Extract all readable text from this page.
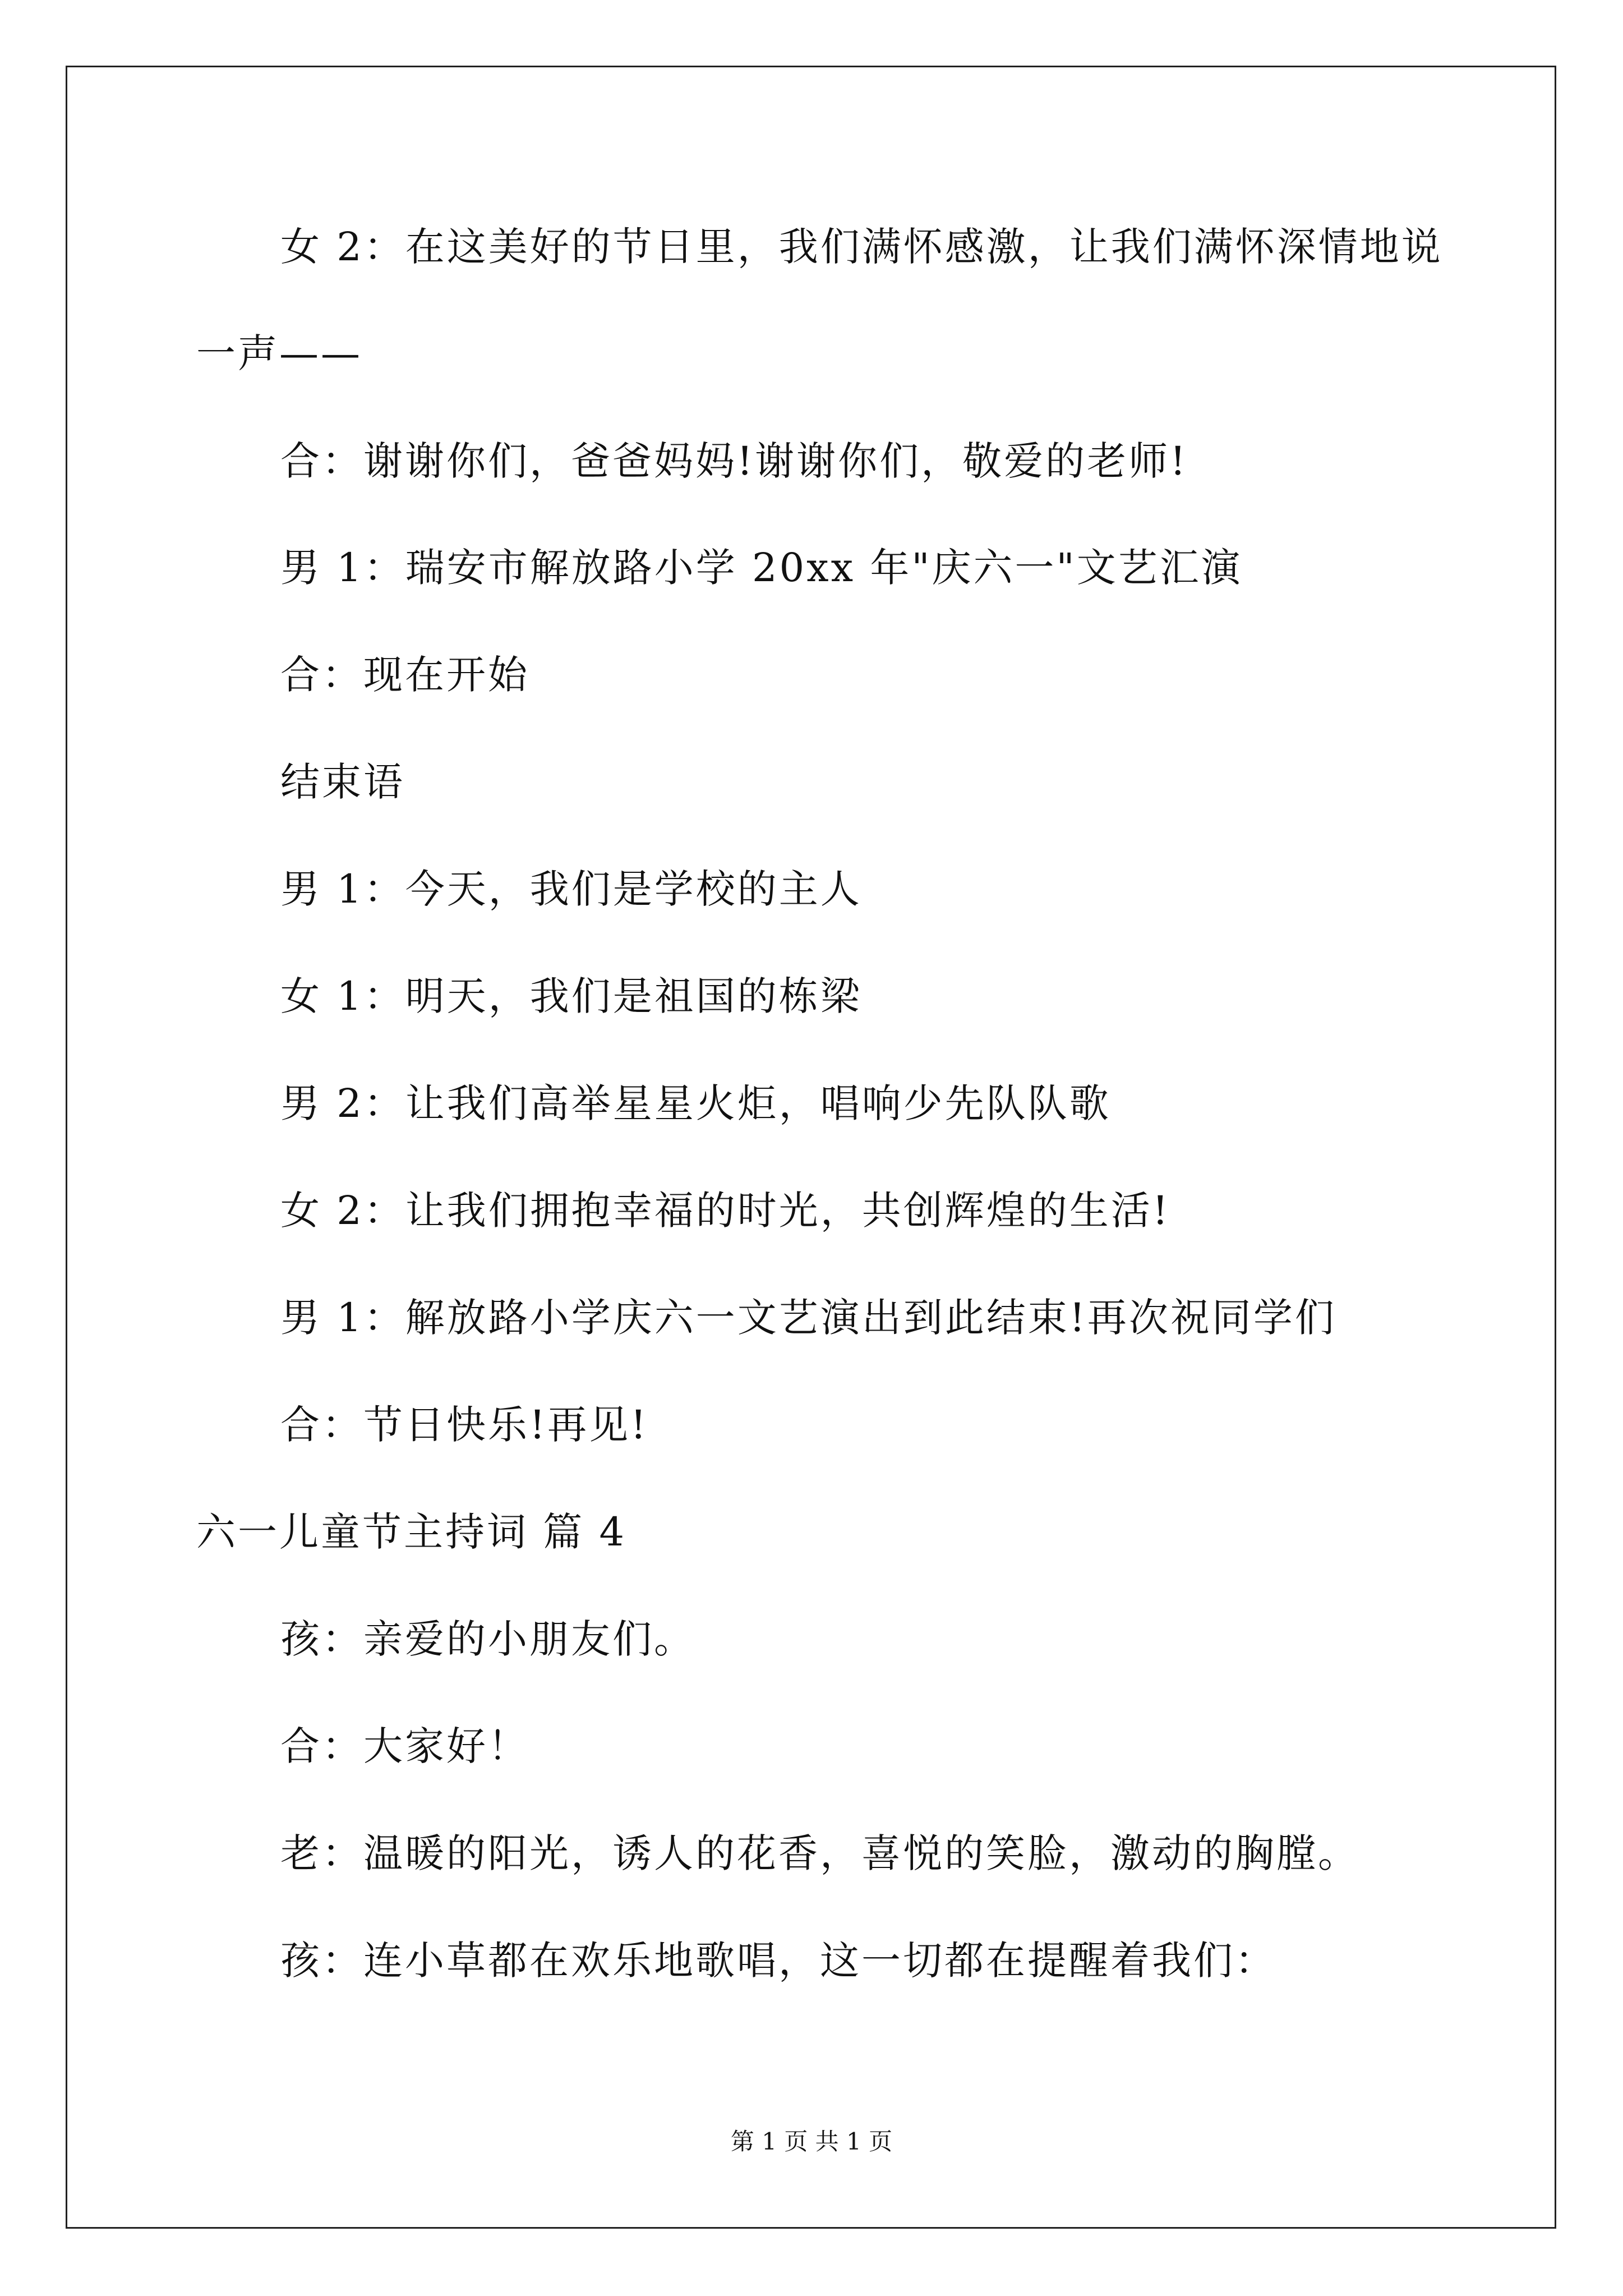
女 2：在这美好的节日里，我们满怀感激，让我们满怀深情地说
一声——
合：谢谢你们，爸爸妈妈!谢谢你们，敬爱的老师!
男 1：瑞安市解放路小学 20xx 年"庆六一"文艺汇演
合：现在开始
结束语
男 1：今天，我们是学校的主人
女 1：明天，我们是祖国的栋梁
男 2：让我们高举星星火炬，唱响少先队队歌
女 2：让我们拥抱幸福的时光，共创辉煌的生活!
男 1：解放路小学庆六一文艺演出到此结束!再次祝同学们
合：节日快乐!再见!
六一儿童节主持词 篇 4
孩：亲爱的小朋友们。
合：大家好！
老：温暖的阳光，诱人的花香，喜悦的笑脸，激动的胸膛。
孩：连小草都在欢乐地歌唱，这一切都在提醒着我们：
第 1 页 共 1 页
